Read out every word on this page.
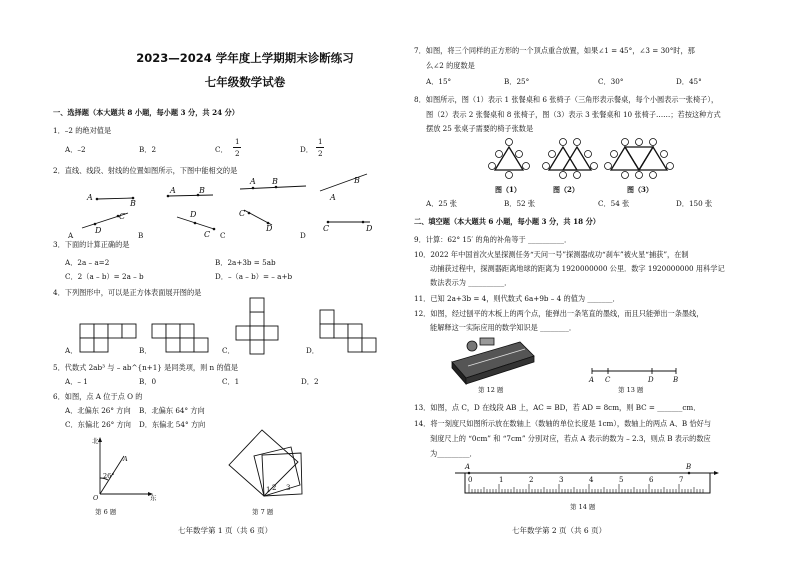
2023—2024 学年度上学期期末诊断练习
七年级数学试卷
一、选择题（本大题共 8 小题，每小题 3 分，共 24 分）
1．–2 的绝对值是
A．–2	B．2	C．
1
2	D．
1
2
2．直线、线段、射线的位置如图所示，下图中能相交的是
A
B
C
D
A	B
C
D
A B
C
D
A
B
C	D
A	B	C	D
3．下面的计算正确的是
A．2a – a=2	B．2a+3b = 5ab
C．2（a – b）= 2a – b	D．–（a – b）= – a+b
4．下列图形中，可以是正方体表面展开图的是
A．	B．	C．	D．
5．代数式 2ab³ 与 – ab^{n+1} 是同类项，则 n 的值是
A．– 1	B．0	C．1	D．2
6．如图，点 A 位于点 O 的
A．北偏东 26° 方向 B．北偏东 64° 方向
C．东偏北 26° 方向 D．东偏北 54° 方向
北
A
O	东
26°
1 2 3
第 6 题	第 7 题
七年数学第 1 页（共 6 页）
7．如图，将三个同样的正方形的一个顶点重合放置，如果∠1 = 45°，∠3 = 30°时，那
么∠2 的度数是
A．15°	B．25°	C．30°	D．45°
8．如图所示，图（1）表示 1 张餐桌和 6 张椅子（三角形表示餐桌，每个小圆表示一张椅子），
图（2）表示 2 张餐桌和 8 张椅子，图（3）表示 3 张餐桌和 10 张椅子……；若按这种方式
摆放 25 张桌子需要的椅子张数是
图（1）	图（2）	图（3）
A．25 张	B．52 张	C．54 张	D．150 张
二、填空题（本大题共 6 小题，每小题 3 分，共 18 分）
9．计算：62° 15′ 的角的补角等于 __________．
10．2022 年中国首次火星探测任务“天问一号”探测器成功“刹车”被火星“捕获”，在制
动捕获过程中，探测器距离地球的距离为 1920000000 公里．数字 1920000000 用科学记
数法表示为 __________．
11．已知 2a+3b = 4，则代数式 6a+9b – 4 的值为 _______．
12．如图，经过刨平的木板上的两个点，能弹出一条笔直的墨线，而且只能弹出一条墨线，
能解释这一实际应用的数学知识是 ________．
A C	D	B
第 12 题	第 13 题
13．如图，点 C，D 在线段 AB 上，AC = BD，若 AD = 8cm，则 BC = _______cm．
14．将一刻度尺如图所示放在数轴上（数轴的单位长度是 1cm），数轴上的两点 A、B 恰好与
刻度尺上的 “0cm” 和 “7cm” 分别对应，若点 A 表示的数为 – 2.3，则点 B 表示的数应
为_________．
A	B
0	1	2	3	4	5	6	7
第 14 题
七年数学第 2 页（共 6 页）
